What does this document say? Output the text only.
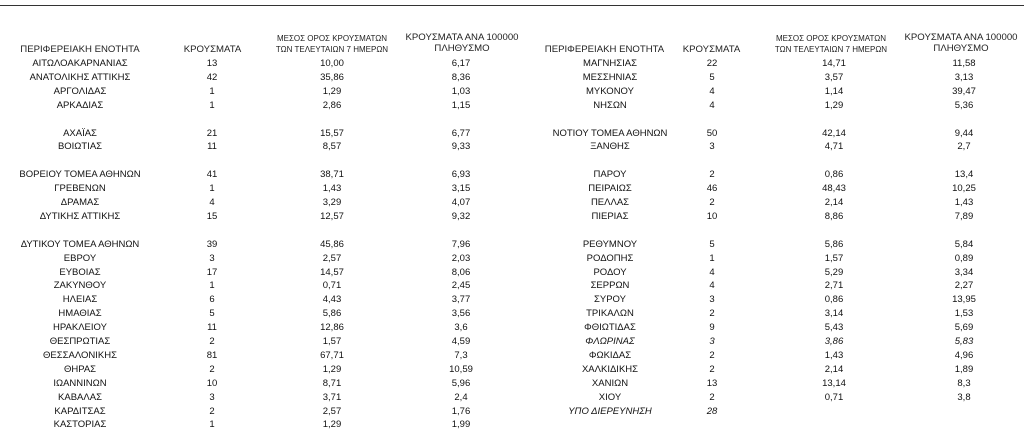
ΠΕΡΙΦΕΡΕΙΑΚΗ ΕΝΟΤΗΤΑ	ΚΡΟΥΣΜΑΤΑ
ΜΕΣΟΣ ΟΡΟΣ ΚΡΟΥΣΜΑΤΩΝ
ΤΩΝ ΤΕΛΕΥΤΑΙΩΝ 7 ΗΜΕΡΩΝ
ΚΡΟΥΣΜΑΤΑ ΑΝΑ 100000
ΠΛΗΘΥΣΜΟ
ΑΙΤΩΛΟΑΚΑΡΝΑΝΙΑΣ	13	10,00	6,17
ΑΝΑΤΟΛΙΚΗΣ ΑΤΤΙΚΗΣ	42	35,86	8,36
ΑΡΓΟΛΙΔΑΣ	1	1,29	1,03
ΑΡΚΑΔΙΑΣ	1	2,86	1,15
ΑΧΑΪΑΣ	21	15,57	6,77
ΒΟΙΩΤΙΑΣ	11	8,57	9,33
ΒΟΡΕΙΟΥ ΤΟΜΕΑ ΑΘΗΝΩΝ	41	38,71	6,93
ΓΡΕΒΕΝΩΝ	1	1,43	3,15
ΔΡΑΜΑΣ	4	3,29	4,07
ΔΥΤΙΚΗΣ ΑΤΤΙΚΗΣ	15	12,57	9,32
ΔΥΤΙΚΟΥ ΤΟΜΕΑ ΑΘΗΝΩΝ	39	45,86	7,96
ΕΒΡΟΥ	3	2,57	2,03
ΕΥΒΟΙΑΣ	17	14,57	8,06
ΖΑΚΥΝΘΟΥ	1	0,71	2,45
ΗΛΕΙΑΣ	6	4,43	3,77
ΗΜΑΘΙΑΣ	5	5,86	3,56
ΗΡΑΚΛΕΙΟΥ	11	12,86	3,6
ΘΕΣΠΡΩΤΙΑΣ	2	1,57	4,59
ΘΕΣΣΑΛΟΝΙΚΗΣ	81	67,71	7,3
ΘΗΡΑΣ	2	1,29	10,59
ΙΩΑΝΝΙΝΩΝ	10	8,71	5,96
ΚΑΒΑΛΑΣ	3	3,71	2,4
ΚΑΡΔΙΤΣΑΣ	2	2,57	1,76
ΚΑΣΤΟΡΙΑΣ	1	1,29	1,99
ΠΕΡΙΦΕΡΕΙΑΚΗ ΕΝΟΤΗΤΑ	ΚΡΟΥΣΜΑΤΑ
ΜΕΣΟΣ ΟΡΟΣ ΚΡΟΥΣΜΑΤΩΝ
ΤΩΝ ΤΕΛΕΥΤΑΙΩΝ 7 ΗΜΕΡΩΝ
ΚΡΟΥΣΜΑΤΑ ΑΝΑ 100000
ΠΛΗΘΥΣΜΟ
ΜΑΓΝΗΣΙΑΣ	22	14,71	11,58
ΜΕΣΣΗΝΙΑΣ	5	3,57	3,13
ΜΥΚΟΝΟΥ	4	1,14	39,47
ΝΗΣΩΝ	4	1,29	5,36
ΝΟΤΙΟΥ ΤΟΜΕΑ ΑΘΗΝΩΝ	50	42,14	9,44
ΞΑΝΘΗΣ	3	4,71	2,7
ΠΑΡΟΥ	2	0,86	13,4
ΠΕΙΡΑΙΩΣ	46	48,43	10,25
ΠΕΛΛΑΣ	2	2,14	1,43
ΠΙΕΡΙΑΣ	10	8,86	7,89
ΡΕΘΥΜΝΟΥ	5	5,86	5,84
ΡΟΔΟΠΗΣ	1	1,57	0,89
ΡΟΔΟΥ	4	5,29	3,34
ΣΕΡΡΩΝ	4	2,71	2,27
ΣΥΡΟΥ	3	0,86	13,95
ΤΡΙΚΑΛΩΝ	2	3,14	1,53
ΦΘΙΩΤΙΔΑΣ	9	5,43	5,69
ΦΛΩΡΙΝΑΣ	3	3,86	5,83
ΦΩΚΙΔΑΣ	2	1,43	4,96
ΧΑΛΚΙΔΙΚΗΣ	2	2,14	1,89
ΧΑΝΙΩΝ	13	13,14	8,3
ΧΙΟΥ	2	0,71	3,8
ΥΠΟ ΔΙΕΡΕΥΝΗΣΗ	28
